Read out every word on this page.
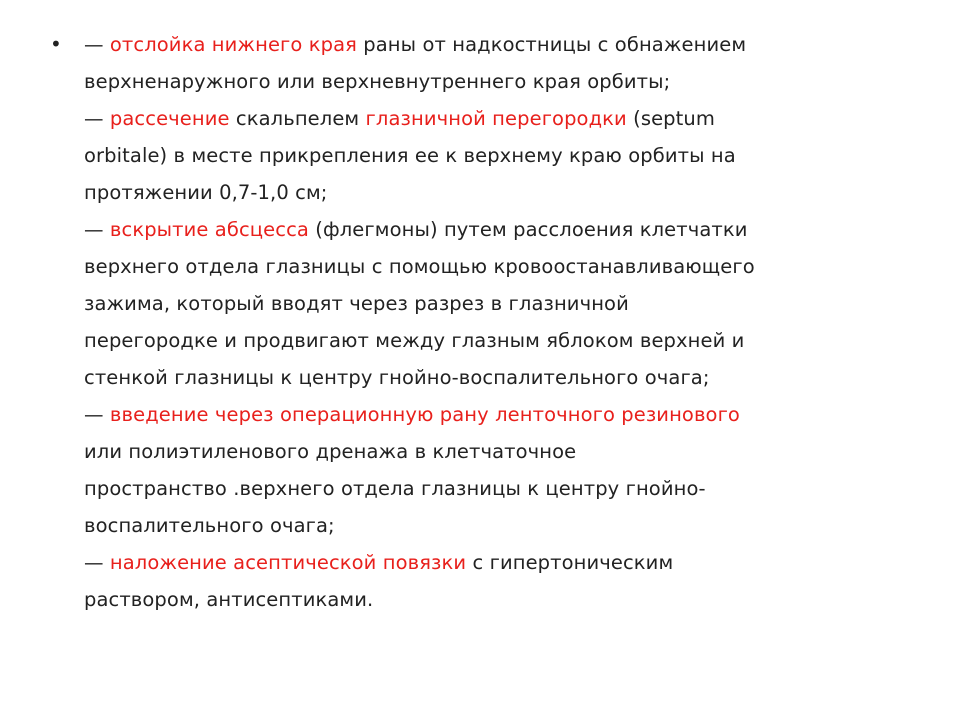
• — отслойка нижнего края раны от надкостницы с обнажением
верхненаружного или верхневнутреннего края орбиты;
— рассечение скальпелем глазничной перегородки (septum
orbitale) в месте прикрепления ее к верхнему краю орбиты на
протяжении 0,7-1,0 см;
— вскрытие абсцесса (флегмоны) путем расслоения клетчатки
верхнего отдела глазницы с помощью кровоостанавливающего
зажима, который вводят через разрез в глазничной
перегородке и продвигают между глазным яблоком верхней и
стенкой глазницы к центру гнойно-воспалительного очага;
— введение через операционную рану ленточного резинового
или полиэтиленового дренажа в клетчаточное
пространство .верхнего отдела глазницы к центру гнойно-
воспалительного очага;
— наложение асептической повязки с гипертоническим
раствором, антисептиками.
